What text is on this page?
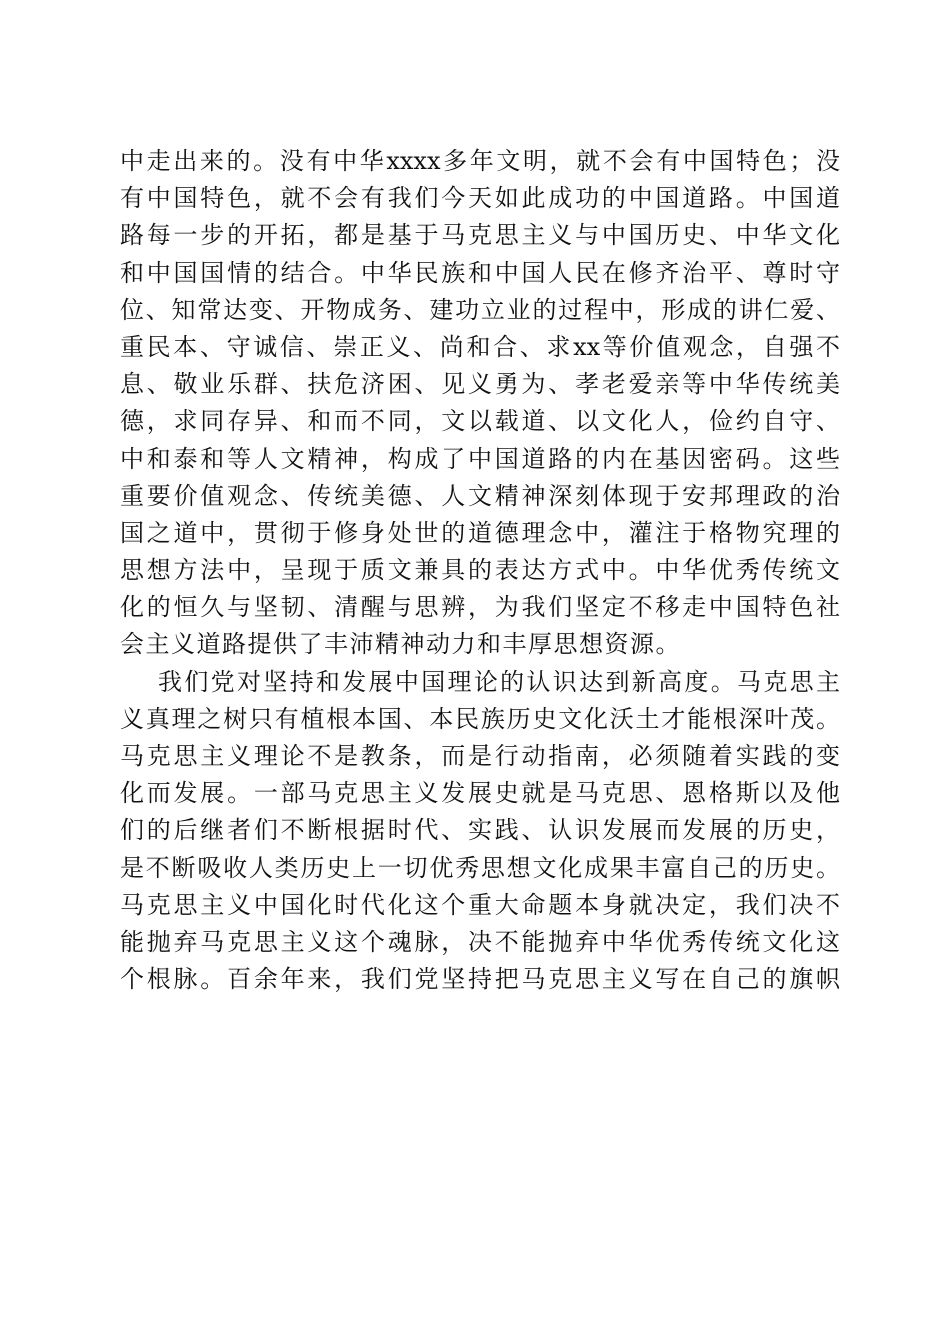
中走出来的。没有中华xxxx多年文明，就不会有中国特色；没
有中国特色，就不会有我们今天如此成功的中国道路。中国道
路每一步的开拓，都是基于马克思主义与中国历史、中华文化
和中国国情的结合。中华民族和中国人民在修齐治平、尊时守
位、知常达变、开物成务、建功立业的过程中，形成的讲仁爱、
重民本、守诚信、崇正义、尚和合、求xx等价值观念，自强不
息、敬业乐群、扶危济困、见义勇为、孝老爱亲等中华传统美
德，求同存异、和而不同，文以载道、以文化人，俭约自守、
中和泰和等人文精神，构成了中国道路的内在基因密码。这些
重要价值观念、传统美德、人文精神深刻体现于安邦理政的治
国之道中，贯彻于修身处世的道德理念中，灌注于格物究理的
思想方法中，呈现于质文兼具的表达方式中。中华优秀传统文
化的恒久与坚韧、清醒与思辨，为我们坚定不移走中国特色社
会主义道路提供了丰沛精神动力和丰厚思想资源。
我们党对坚持和发展中国理论的认识达到新高度。马克思主
义真理之树只有植根本国、本民族历史文化沃土才能根深叶茂。
马克思主义理论不是教条，而是行动指南，必须随着实践的变
化而发展。一部马克思主义发展史就是马克思、恩格斯以及他
们的后继者们不断根据时代、实践、认识发展而发展的历史，
是不断吸收人类历史上一切优秀思想文化成果丰富自己的历史。
马克思主义中国化时代化这个重大命题本身就决定，我们决不
能抛弃马克思主义这个魂脉，决不能抛弃中华优秀传统文化这
个根脉。百余年来，我们党坚持把马克思主义写在自己的旗帜
